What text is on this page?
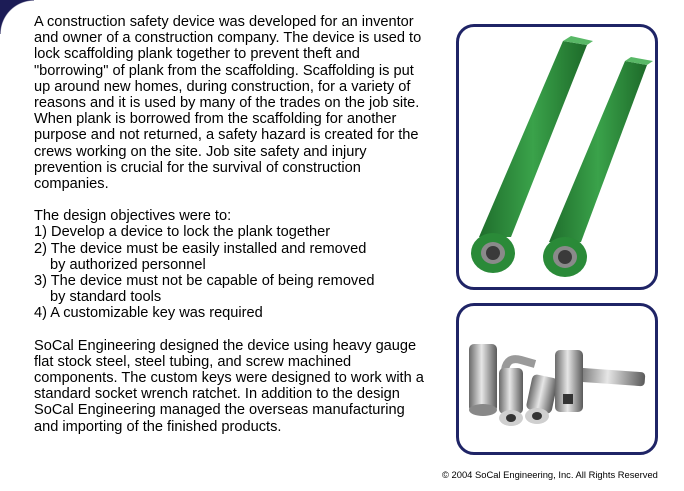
A construction safety device was developed for an inventor and owner of a construction company. The device is used to lock scaffolding plank together to prevent theft and "borrowing" of plank from the scaffolding. Scaffolding is put up around new homes, during construction, for a variety of reasons and it is used by many of the trades on the job site. When plank is borrowed from the scaffolding for another purpose and not returned, a safety hazard is created for the crews working on the site. Job site safety and injury prevention is crucial for the survival of construction companies.

The design objectives were to:

1) Develop a device to lock the plank together

2) The device must be easily installed and removed

by authorized personnel

3) The device must not be capable of being removed

by standard tools

4) A customizable key was required

SoCal Engineering designed the device using heavy gauge flat stock steel, steel tubing, and screw machined components. The custom keys were designed to work with a standard socket wrench ratchet. In addition to the design SoCal Engineering managed the overseas manufacturing and importing of the finished products.

© 2004 SoCal Engineering, Inc. All Rights Reserved
